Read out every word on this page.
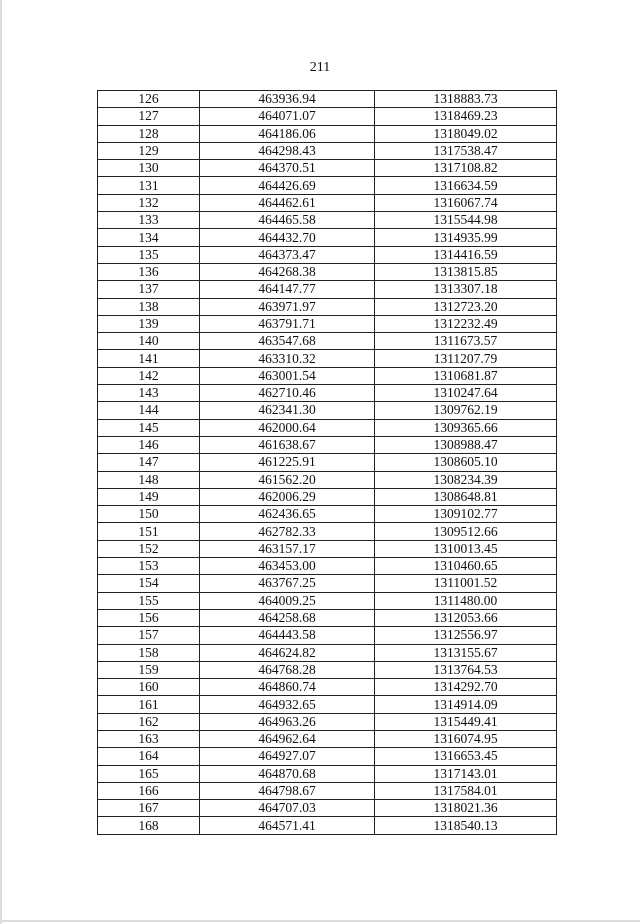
211
126	463936.94	1318883.73
127	464071.07	1318469.23
128	464186.06	1318049.02
129	464298.43	1317538.47
130	464370.51	1317108.82
131	464426.69	1316634.59
132	464462.61	1316067.74
133	464465.58	1315544.98
134	464432.70	1314935.99
135	464373.47	1314416.59
136	464268.38	1313815.85
137	464147.77	1313307.18
138	463971.97	1312723.20
139	463791.71	1312232.49
140	463547.68	1311673.57
141	463310.32	1311207.79
142	463001.54	1310681.87
143	462710.46	1310247.64
144	462341.30	1309762.19
145	462000.64	1309365.66
146	461638.67	1308988.47
147	461225.91	1308605.10
148	461562.20	1308234.39
149	462006.29	1308648.81
150	462436.65	1309102.77
151	462782.33	1309512.66
152	463157.17	1310013.45
153	463453.00	1310460.65
154	463767.25	1311001.52
155	464009.25	1311480.00
156	464258.68	1312053.66
157	464443.58	1312556.97
158	464624.82	1313155.67
159	464768.28	1313764.53
160	464860.74	1314292.70
161	464932.65	1314914.09
162	464963.26	1315449.41
163	464962.64	1316074.95
164	464927.07	1316653.45
165	464870.68	1317143.01
166	464798.67	1317584.01
167	464707.03	1318021.36
168	464571.41	1318540.13
